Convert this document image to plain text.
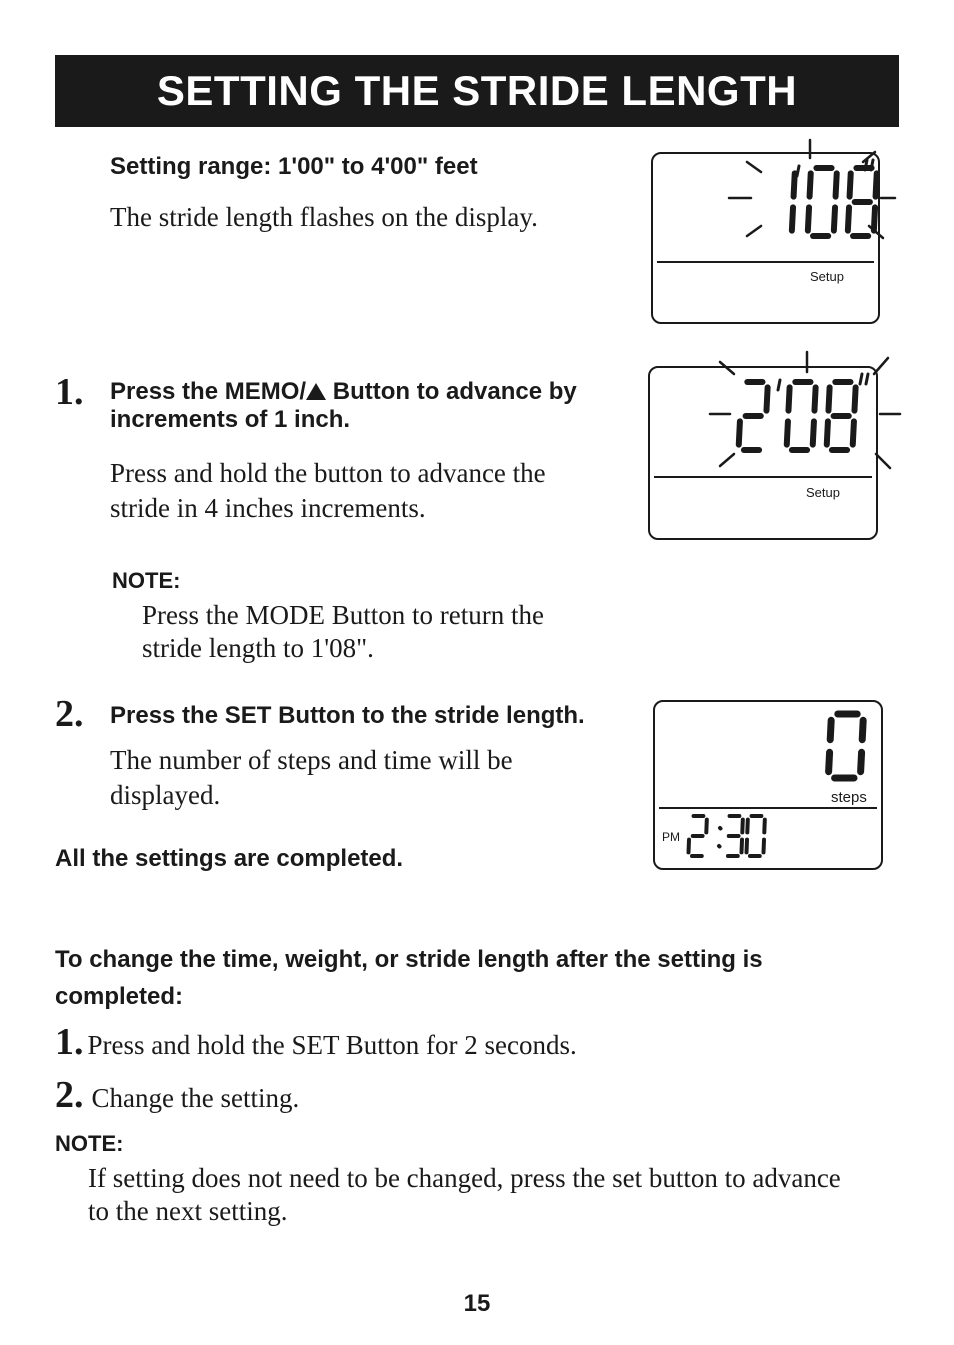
SETTING THE STRIDE LENGTH
Setting range: 1'00" to 4'00" feet
The stride length flashes on the display.
Setup
1. Press the MEMO/ Button to advance by
increments of 1 inch.
Press and hold the button to advance the
stride in 4 inches increments.
Setup
NOTE:
Press the MODE Button to return the
stride length to 1'08".
2. Press the SET Button to the stride length.
The number of steps and time will be
displayed.	steps
PM
All the settings are completed.
To change the time, weight, or stride length after the setting is
completed:
1. Press and hold the SET Button for 2 seconds.
2. Change the setting.
NOTE:
If setting does not need to be changed, press the set button to advance
to the next setting.
15
